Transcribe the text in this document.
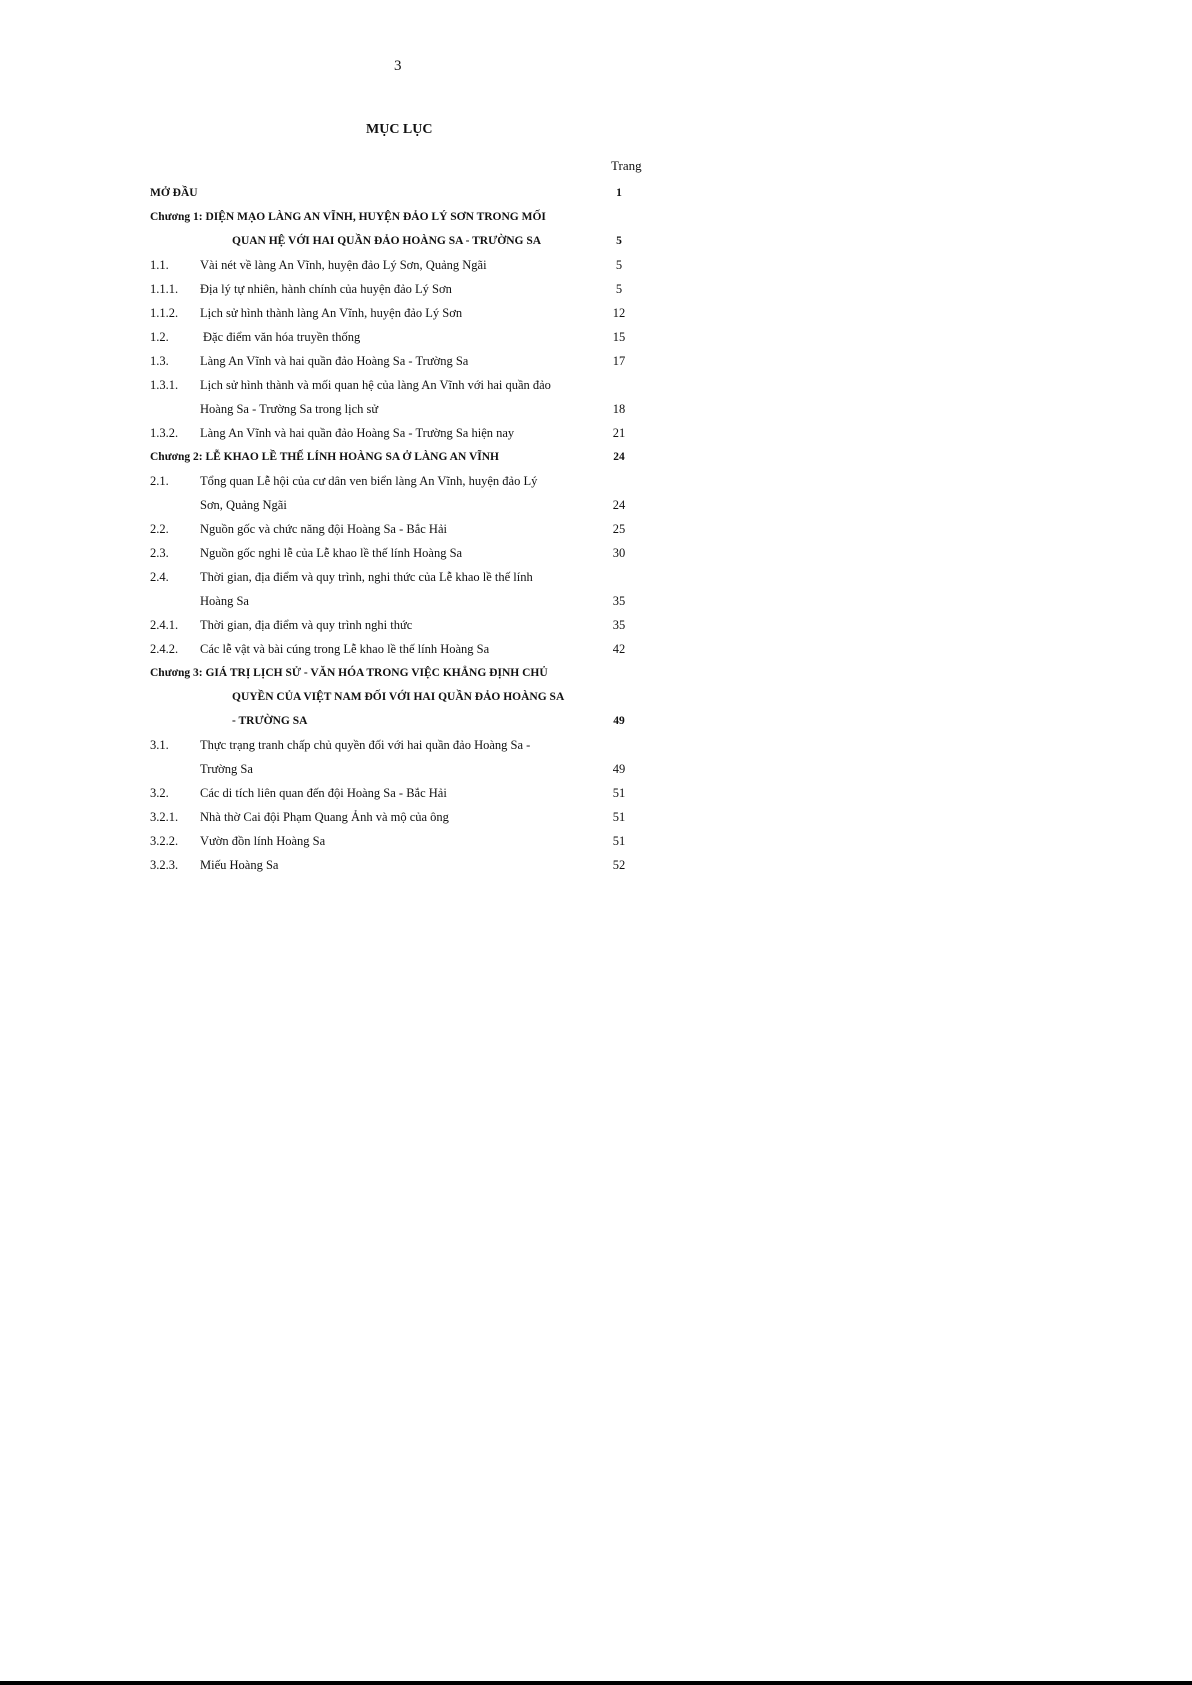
3
MỤC LỤC
Trang
MỞ ĐẦU	1
Chương 1: DIỆN MẠO LÀNG AN VĨNH, HUYỆN ĐẢO LÝ SƠN TRONG MỐI
QUAN HỆ VỚI HAI QUẦN ĐẢO HOÀNG SA - TRƯỜNG SA	5
1.1.	Vài nét về làng An Vĩnh, huyện đảo Lý Sơn, Quảng Ngãi	5
1.1.1.	Địa lý tự nhiên, hành chính của huyện đảo Lý Sơn	5
1.1.2.	Lịch sử hình thành làng An Vĩnh, huyện đảo Lý Sơn	12
1.2.	Đặc điểm văn hóa truyền thống	15
1.3.	Làng An Vĩnh và hai quần đảo Hoàng Sa - Trường Sa	17
1.3.1.	Lịch sử hình thành và mối quan hệ của làng An Vĩnh với hai quần đảo
Hoàng Sa - Trường Sa trong lịch sử	18
1.3.2.	Làng An Vĩnh và hai quần đảo Hoàng Sa - Trường Sa hiện nay	21
Chương 2: LỄ KHAO LỀ THẾ LÍNH HOÀNG SA Ở LÀNG AN VĨNH	24
2.1.	Tổng quan Lễ hội của cư dân ven biển làng An Vĩnh, huyện đảo Lý
Sơn, Quảng Ngãi	24
2.2.	Nguồn gốc và chức năng đội Hoàng Sa - Bắc Hải	25
2.3.	Nguồn gốc nghi lễ của Lễ khao lề thế lính Hoàng Sa	30
2.4.	Thời gian, địa điểm và quy trình, nghi thức của Lễ khao lề thế lính
Hoàng Sa	35
2.4.1.	Thời gian, địa điểm và quy trình nghi thức	35
2.4.2.	Các lễ vật và bài cúng trong Lễ khao lề thế lính Hoàng Sa	42
Chương 3: GIÁ TRỊ LỊCH SỬ - VĂN HÓA TRONG VIỆC KHẲNG ĐỊNH CHỦ
QUYỀN CỦA VIỆT NAM ĐỐI VỚI HAI QUẦN ĐẢO HOÀNG SA
- TRƯỜNG SA	49
3.1.	Thực trạng tranh chấp chủ quyền đối với hai quần đảo Hoàng Sa -
Trường Sa	49
3.2.	Các di tích liên quan đến đội Hoàng Sa - Bắc Hải	51
3.2.1.	Nhà thờ Cai đội Phạm Quang Ảnh và mộ của ông	51
3.2.2.	Vườn đồn lính Hoàng Sa	51
3.2.3.	Miếu Hoàng Sa	52
